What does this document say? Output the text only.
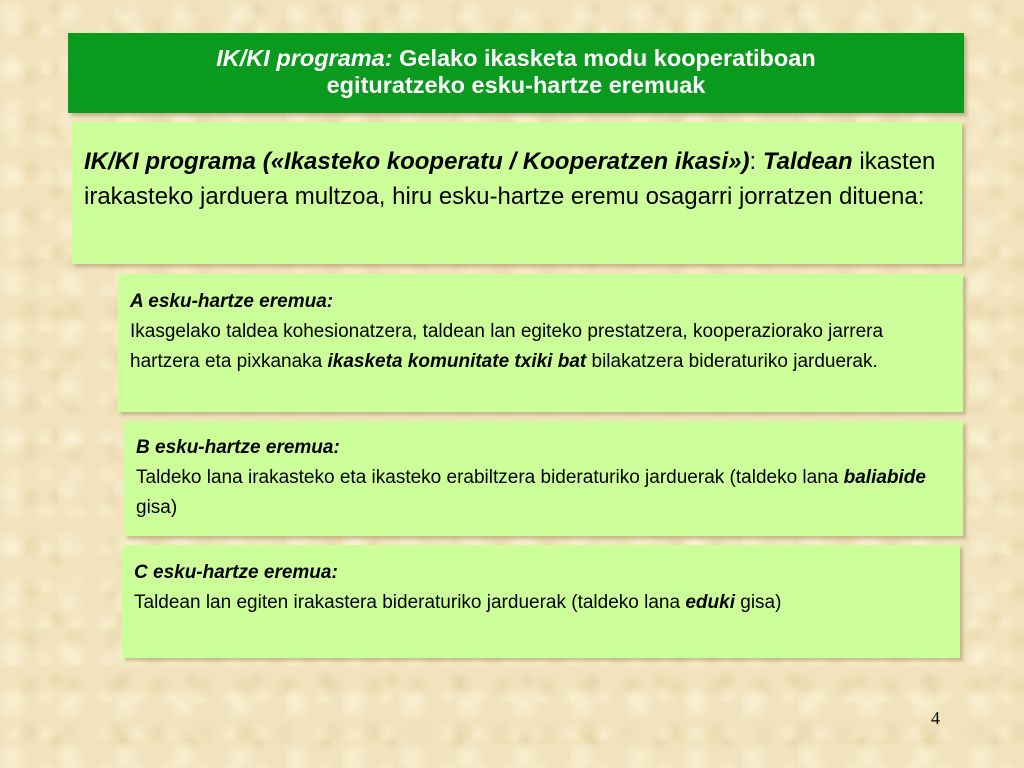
IK/KI programa: Gelako ikasketa modu kooperatiboan
egituratzeko esku-hartze eremuak
IK/KI programa («Ikasteko kooperatu / Kooperatzen ikasi»): Taldean ikasten irakasteko jarduera multzoa, hiru esku-hartze eremu osagarri jorratzen dituena:
A esku-hartze eremua:
Ikasgelako taldea kohesionatzera, taldean lan egiteko prestatzera, kooperaziorako jarrera hartzera eta pixkanaka ikasketa komunitate txiki bat bilakatzera bideraturiko jarduerak.
B esku-hartze eremua:
Taldeko lana irakasteko eta ikasteko erabiltzera bideraturiko jarduerak (taldeko lana baliabide gisa)
C esku-hartze eremua:
Taldean lan egiten irakastera bideraturiko jarduerak (taldeko lana eduki gisa)
4
